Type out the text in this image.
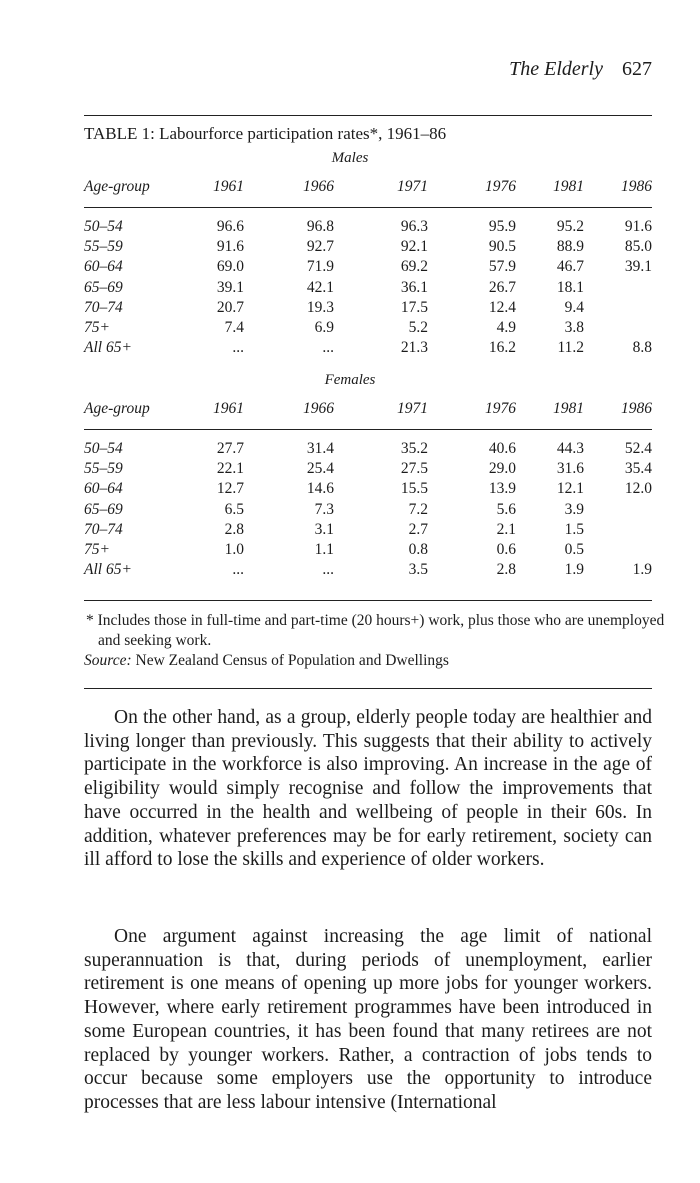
The Elderly 627
TABLE 1: Labourforce participation rates*, 1961–86
Males
Age-group	1961	1966	1971	1976 1981 1986
50–54	96.6	96.8	96.3	95.9	95.2	91.6
55–59	91.6	92.7	92.1	90.5	88.9	85.0
60–64	69.0	71.9	69.2	57.9	46.7	39.1
65–69	39.1	42.1	36.1	26.7	18.1
70–74	20.7	19.3	17.5	12.4	9.4
75+	7.4	6.9	5.2	4.9	3.8
All 65+	...	...	21.3	16.2	11.2	8.8
Females
Age-group	1961	1966	1971	1976 1981 1986
50–54	27.7	31.4	35.2	40.6	44.3	52.4
55–59	22.1	25.4	27.5	29.0	31.6	35.4
60–64	12.7	14.6	15.5	13.9	12.1	12.0
65–69	6.5	7.3	7.2	5.6	3.9
70–74	2.8	3.1	2.7	2.1	1.5
75+	1.0	1.1	0.8	0.6	0.5
All 65+	...	...	3.5	2.8	1.9	1.9
* Includes those in full-time and part-time (20 hours+) work, plus those who are unemployed and seeking work.
Source: New Zealand Census of Population and Dwellings
On the other hand, as a group, elderly people today are healthier and living longer than previously. This suggests that their ability to actively participate in the workforce is also improving. An increase in the age of eligibility would simply recognise and follow the improvements that have occurred in the health and wellbeing of people in their 60s. In addition, whatever preferences may be for early retirement, society can ill afford to lose the skills and experience of older workers.
One argument against increasing the age limit of national superannuation is that, during periods of unemployment, earlier retirement is one means of opening up more jobs for younger workers. However, where early retirement programmes have been introduced in some European countries, it has been found that many retirees are not replaced by younger workers. Rather, a contraction of jobs tends to occur because some employers use the opportunity to introduce processes that are less labour intensive (International
